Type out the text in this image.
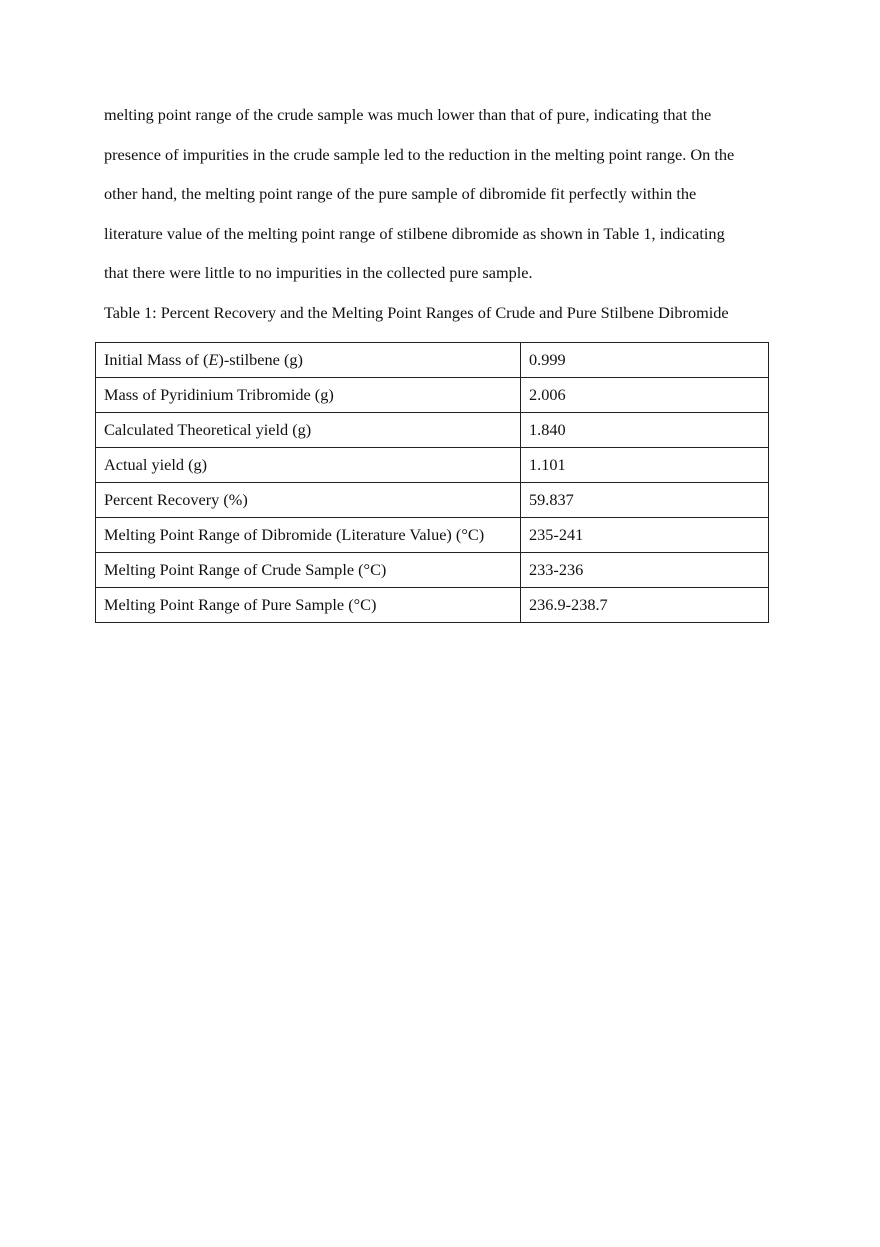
melting point range of the crude sample was much lower than that of pure, indicating that the
presence of impurities in the crude sample led to the reduction in the melting point range. On the
other hand, the melting point range of the pure sample of dibromide fit perfectly within the
literature value of the melting point range of stilbene dibromide as shown in Table 1, indicating
that there were little to no impurities in the collected pure sample.
Table 1: Percent Recovery and the Melting Point Ranges of Crude and Pure Stilbene Dibromide
Initial Mass of (E)-stilbene (g)	0.999
Mass of Pyridinium Tribromide (g)	2.006
Calculated Theoretical yield (g)	1.840
Actual yield (g)	1.101
Percent Recovery (%)	59.837
Melting Point Range of Dibromide (Literature Value) (°C)	235-241
Melting Point Range of Crude Sample (°C)	233-236
Melting Point Range of Pure Sample (°C)	236.9-238.7
